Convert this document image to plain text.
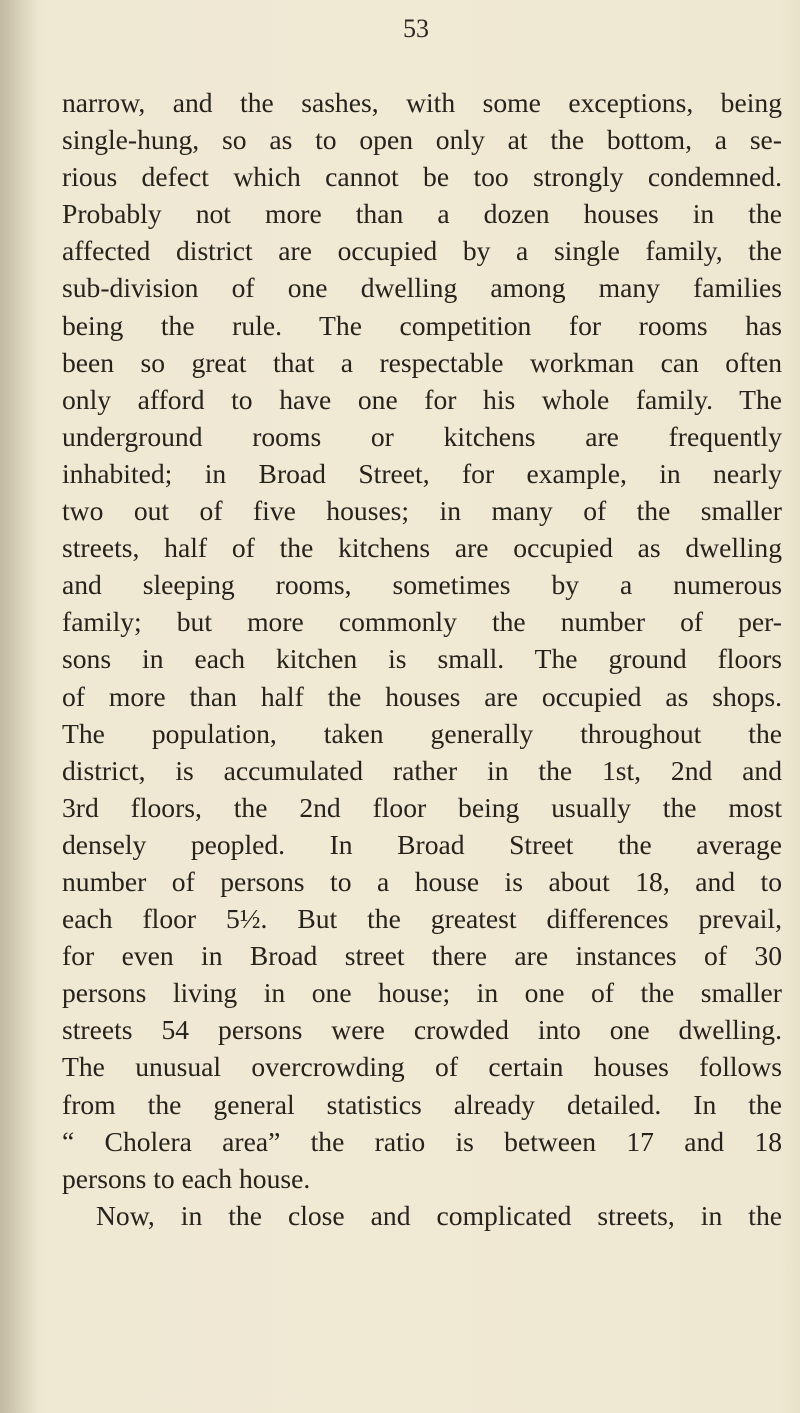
53
narrow, and the sashes, with some exceptions, being
single-hung, so as to open only at the bottom, a se-
rious defect which cannot be too strongly condemned.
Probably not more than a dozen houses in the
affected district are occupied by a single family, the
sub-division of one dwelling among many families
being the rule. The competition for rooms has
been so great that a respectable workman can often
only afford to have one for his whole family. The
underground rooms or kitchens are frequently
inhabited; in Broad Street, for example, in nearly
two out of five houses; in many of the smaller
streets, half of the kitchens are occupied as dwelling
and sleeping rooms, sometimes by a numerous
family; but more commonly the number of per-
sons in each kitchen is small. The ground floors
of more than half the houses are occupied as shops.
The population, taken generally throughout the
district, is accumulated rather in the 1st, 2nd and
3rd floors, the 2nd floor being usually the most
densely peopled. In Broad Street the average
number of persons to a house is about 18, and to
each floor 5½. But the greatest differences prevail,
for even in Broad street there are instances of 30
persons living in one house; in one of the smaller
streets 54 persons were crowded into one dwelling.
The unusual overcrowding of certain houses follows
from the general statistics already detailed. In the
“ Cholera area” the ratio is between 17 and 18
persons to each house.
Now, in the close and complicated streets, in the
